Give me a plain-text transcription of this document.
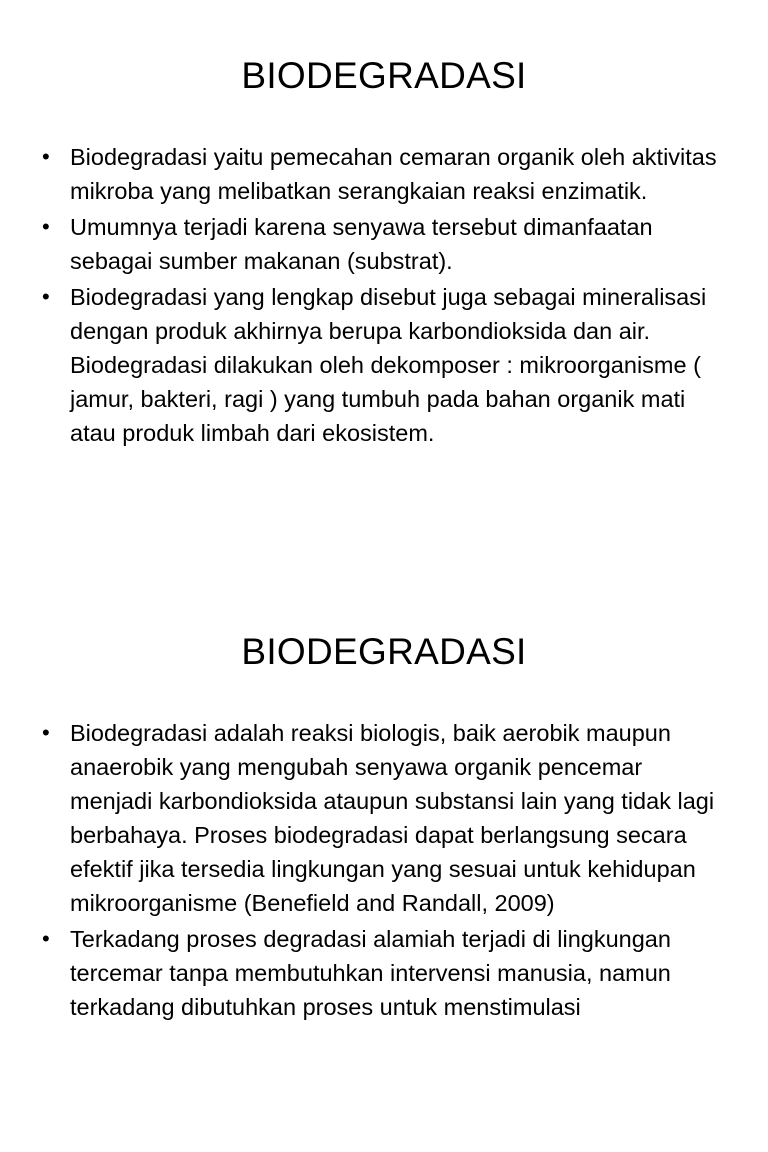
BIODEGRADASI
• Biodegradasi yaitu pemecahan cemaran organik oleh aktivitas mikroba yang melibatkan serangkaian reaksi enzimatik.
• Umumnya terjadi karena senyawa tersebut dimanfaatan sebagai sumber makanan (substrat).
• Biodegradasi yang lengkap disebut juga sebagai mineralisasi dengan produk akhirnya berupa karbondioksida dan air. Biodegradasi dilakukan oleh dekomposer : mikroorganisme ( jamur, bakteri, ragi ) yang tumbuh pada bahan organik mati atau produk limbah dari ekosistem.
BIODEGRADASI
• Biodegradasi adalah reaksi biologis, baik aerobik maupun anaerobik yang mengubah senyawa organik pencemar menjadi karbondioksida ataupun substansi lain yang tidak lagi berbahaya. Proses biodegradasi dapat berlangsung secara efektif jika tersedia lingkungan yang sesuai untuk kehidupan mikroorganisme (Benefield and Randall, 2009)
• Terkadang proses degradasi alamiah terjadi di lingkungan tercemar tanpa membutuhkan intervensi manusia, namun terkadang dibutuhkan proses untuk menstimulasi
